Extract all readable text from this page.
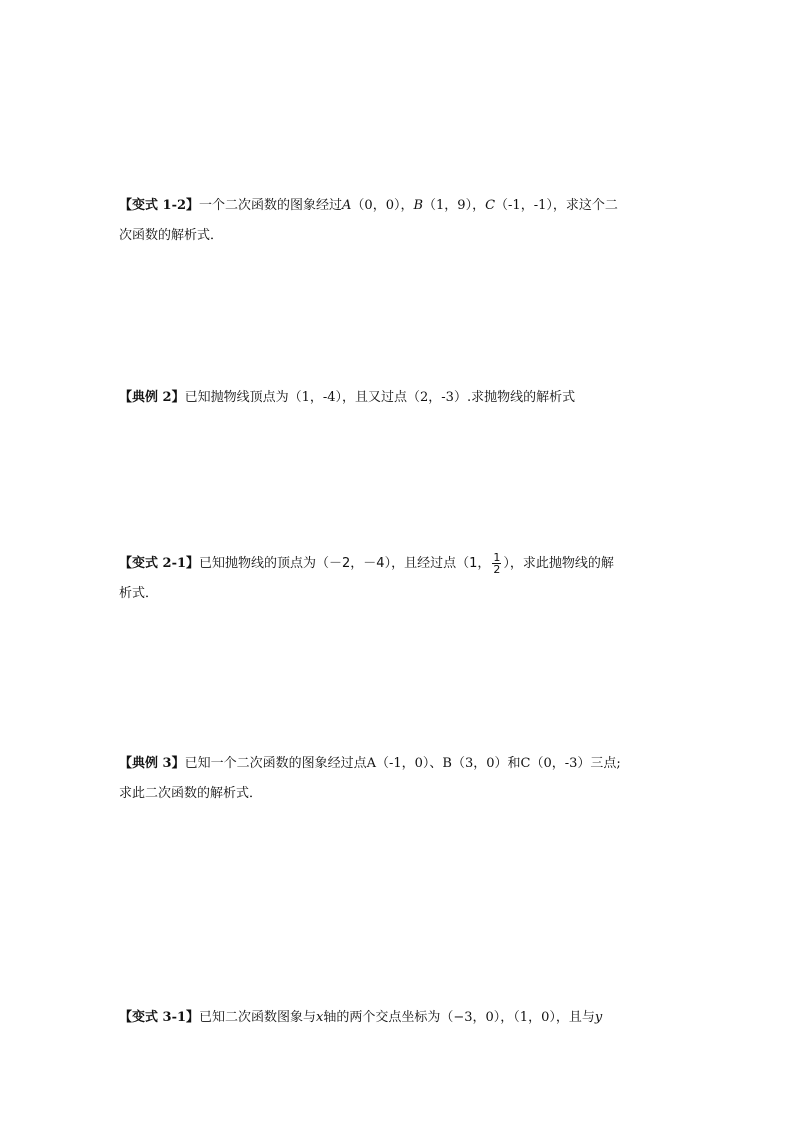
【变式 1-2】一个二次函数的图象经过A（0，0），B（1，9），C（-1，-1），求这个二
次函数的解析式．
【典例 2】已知抛物线顶点为（1，-4），且又过点（2，-3）.求抛物线的解析式
【变式 2-1】已知抛物线的顶点为（－2，－4），且经过点（1， $\frac{1}{2}$ ），求此抛物线的解
析式．
【典例 3】已知一个二次函数的图象经过点A（-1，0）、B（3，0）和C（0，-3）三点;
求此二次函数的解析式．
【变式 3-1】已知二次函数图象与x轴的两个交点坐标为（−3，0），（1，0），且与y
